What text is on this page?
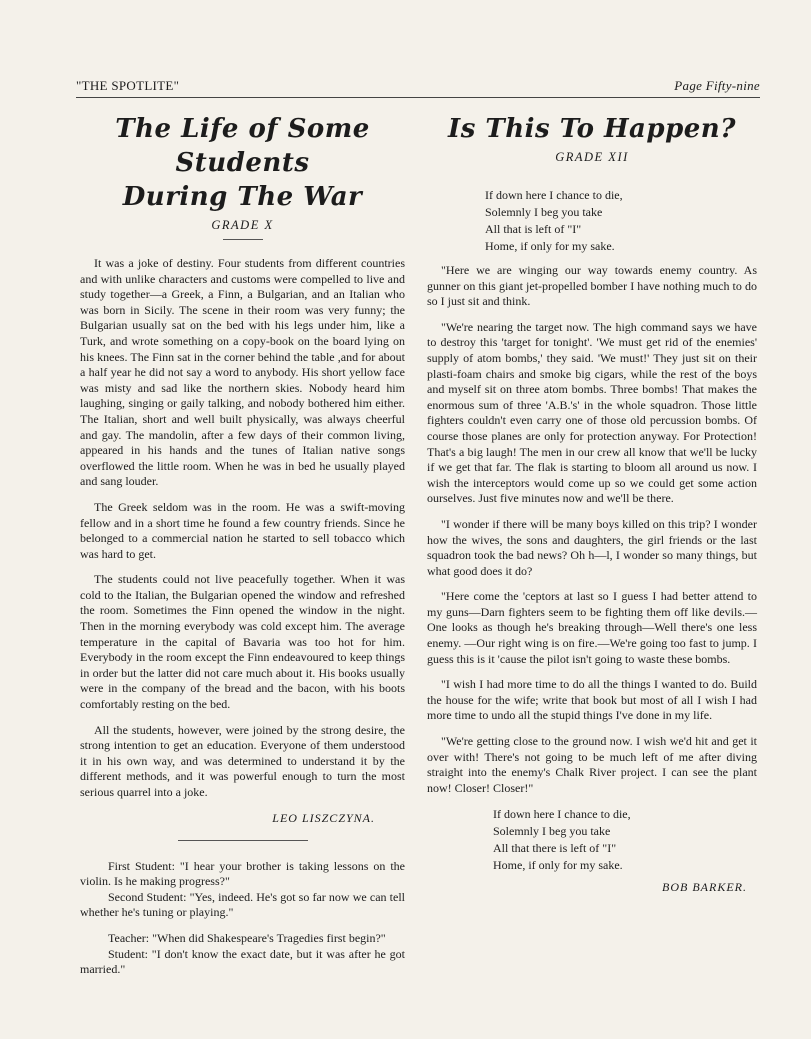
"THE SPOTLITE"	Page Fifty-nine
The Life of Some Students
During The War
GRADE X

It was a joke of destiny. Four students from different countries and with unlike characters and customs were compelled to live and study together—a Greek, a Finn, a Bulgarian, and an Italian who was born in Sicily. The scene in their room was very funny; the Bulgarian usually sat on the bed with his legs under him, like a Turk, and wrote something on a copy-book on the board lying on his knees. The Finn sat in the corner behind the table ,and for about a half year he did not say a word to anybody. His short yellow face was misty and sad like the northern skies. Nobody heard him laughing, singing or gaily talking, and nobody bothered him either. The Italian, short and well built physically, was always cheerful and gay. The mandolin, after a few days of their common living, appeared in his hands and the tunes of Italian native songs overflowed the little room. When he was in bed he usually played and sang louder.

The Greek seldom was in the room. He was a swift-moving fellow and in a short time he found a few country friends. Since he belonged to a commercial nation he started to sell tobacco which was hard to get.

The students could not live peacefully together. When it was cold to the Italian, the Bulgarian opened the window and refreshed the room. Sometimes the Finn opened the window in the night. Then in the morning everybody was cold except him. The average temperature in the capital of Bavaria was too hot for him. Everybody in the room except the Finn endeavoured to keep things in order but the latter did not care much about it. His books usually were in the company of the bread and the bacon, with his boots comfortably resting on the bed.

All the students, however, were joined by the strong desire, the strong intention to get an education. Everyone of them understood it in his own way, and was determined to understand it by the different methods, and it was powerful enough to turn the most serious quarrel into a joke.

LEO LISZCZYNA.

First Student: "I hear your brother is taking lessons on the violin. Is he making progress?"

Second Student: "Yes, indeed. He's got so far now we can tell whether he's tuning or playing."

Teacher: "When did Shakespeare's Tragedies first begin?"

Student: "I don't know the exact date, but it was after he got married."

Is This To Happen?
GRADE XII
If down here I chance to die,
Solemnly I beg you take
All that is left of "I"
Home, if only for my sake.

"Here we are winging our way towards enemy country. As gunner on this giant jet-propelled bomber I have nothing much to do so I just sit and think.

"We're nearing the target now. The high command says we have to destroy this 'target for tonight'. 'We must get rid of the enemies' supply of atom bombs,' they said. 'We must!' They just sit on their plasti-foam chairs and smoke big cigars, while the rest of the boys and myself sit on three atom bombs. Three bombs! That makes the enormous sum of three 'A.B.'s' in the whole squadron. Those little fighters couldn't even carry one of those old percussion bombs. Of course those planes are only for protection anyway. For Protection! That's a big laugh! The men in our crew all know that we'll be lucky if we get that far. The flak is starting to bloom all around us now. I wish the interceptors would come up so we could get some action ourselves. Just five minutes now and we'll be there.

"I wonder if there will be many boys killed on this trip? I wonder how the wives, the sons and daughters, the girl friends or the last squadron took the bad news? Oh h—l, I wonder so many things, but what good does it do?

"Here come the 'ceptors at last so I guess I had better attend to my guns—Darn fighters seem to be fighting them off like devils.—One looks as though he's breaking through—Well there's one less enemy. —Our right wing is on fire.—We're going too fast to jump. I guess this is it 'cause the pilot isn't going to waste these bombs.

"I wish I had more time to do all the things I wanted to do. Build the house for the wife; write that book but most of all I wish I had more time to undo all the stupid things I've done in my life.

"We're getting close to the ground now. I wish we'd hit and get it over with! There's not going to be much left of me after diving straight into the enemy's Chalk River project. I can see the plant now! Closer! Closer!"

If down here I chance to die,
Solemnly I beg you take
All that there is left of "I"
Home, if only for my sake.
BOB BARKER.
